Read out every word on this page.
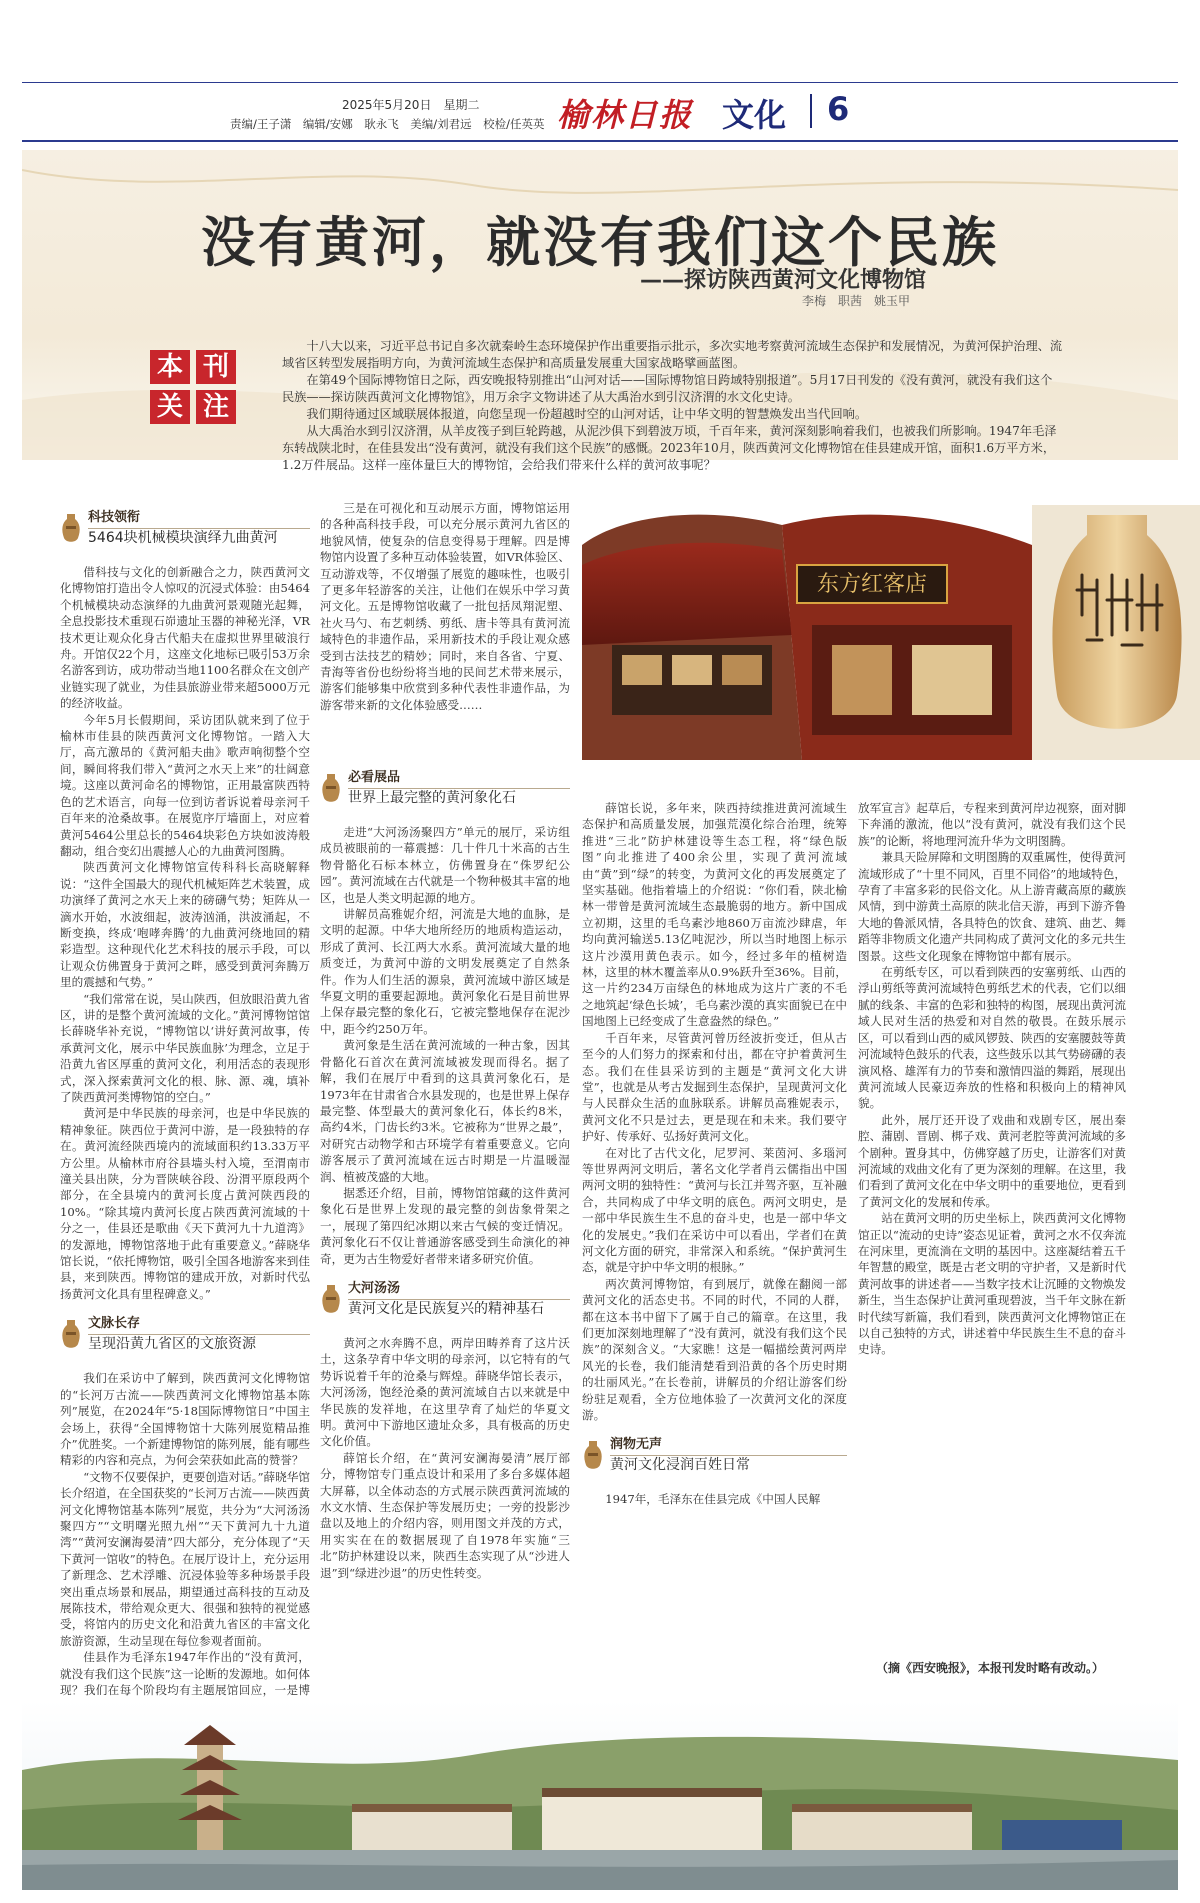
2025年5月20日　星期二
责编/王子潇　编辑/安娜　耿永飞　美编/刘君远　校检/任英英 榆林日报 文化 6
没有黄河，就没有我们这个民族
——探访陕西黄河文化博物馆
李梅　职茜　姚玉甲
本 刊
关 注

十八大以来，习近平总书记自多次就秦岭生态环境保护作出重要指示批示，多次实地考察黄河流域生态保护和发展情况，为黄河保护治理、流域省区转型发展指明方向，为黄河流域生态保护和高质量发展重大国家战略擘画蓝图。

在第49个国际博物馆日之际，西安晚报特别推出“山河对话——国际博物馆日跨域特别报道”。5月17日刊发的《没有黄河，就没有我们这个民族——探访陕西黄河文化博物馆》，用万余字文物讲述了从大禹治水到引汉济渭的水文化史诗。

我们期待通过区域联展体报道，向您呈现一份超越时空的山河对话，让中华文明的智慧焕发出当代回响。

从大禹治水到引汉济渭，从羊皮筏子到巨轮跨越，从泥沙俱下到碧波万顷，千百年来，黄河深刻影响着我们，也被我们所影响。1947年毛泽东转战陕北时，在佳县发出“没有黄河，就没有我们这个民族”的感慨。2023年10月，陕西黄河文化博物馆在佳县建成开馆，面积1.6万平方米，1.2万件展品。这样一座体量巨大的博物馆，会给我们带来什么样的黄河故事呢？

科技领衔
5464块机械模块演绎九曲黄河

借科技与文化的创新融合之力，陕西黄河文化博物馆打造出令人惊叹的沉浸式体验：由5464个机械模块动态演绎的九曲黄河景观随光起舞，全息投影技术重现石峁遗址玉器的神秘光泽，VR技术更让观众化身古代船夫在虚拟世界里破浪行舟。开馆仅22个月，这座文化地标已吸引53万余名游客到访，成功带动当地1100名群众在文创产业链实现了就业，为佳县旅游业带来超5000万元的经济收益。

今年5月长假期间，采访团队就来到了位于榆林市佳县的陕西黄河文化博物馆。一踏入大厅，高亢激昂的《黄河船夫曲》歌声响彻整个空间，瞬间将我们带入“黄河之水天上来”的壮阔意境。这座以黄河命名的博物馆，正用最富陕西特色的艺术语言，向每一位到访者诉说着母亲河千百年来的沧桑故事。在展览序厅墙面上，对应着黄河5464公里总长的5464块彩色方块如波涛般翻动，组合变幻出震撼人心的九曲黄河图腾。

陕西黄河文化博物馆宣传科科长高晓解释说：“这件全国最大的现代机械矩阵艺术装置，成功演绎了黄河之水天上来的磅礴气势；矩阵从一滴水开始，水波细起，波涛汹涌，洪波涌起，不断变换，终成‘咆哮奔腾’的九曲黄河绕地回的精彩造型。这种现代化艺术科技的展示手段，可以让观众仿佛置身于黄河之畔，感受到黄河奔腾万里的震撼和气势。”

“我们常常在说，吴山陕西，但放眼沿黄九省区，讲的是整个黄河流域的文化。”黄河博物馆馆长薛晓华补充说，“博物馆以‘讲好黄河故事，传承黄河文化，展示中华民族血脉’为理念，立足于沿黄九省区厚重的黄河文化，利用活态的表现形式，深入探索黄河文化的根、脉、源、魂，填补了陕西黄河类博物馆的空白。”

黄河是中华民族的母亲河，也是中华民族的精神象征。陕西位于黄河中游，是一段独特的存在。黄河流经陕西境内的流域面积约13.33万平方公里。从榆林市府谷县墙头村入境，至渭南市潼关县出陕，分为晋陕峡谷段、汾渭平原段两个部分，在全县境内的黄河长度占黄河陕西段的10%。“除其境内黄河长度占陕西黄河流域的十分之一，佳县还是歌曲《天下黄河九十九道湾》的发源地，博物馆落地于此有重要意义。”薛晓华馆长说，“依托博物馆，吸引全国各地游客来到佳县，来到陕西。博物馆的建成开放，对新时代弘扬黄河文化具有里程碑意义。”

文脉长存
呈现沿黄九省区的文旅资源

我们在采访中了解到，陕西黄河文化博物馆的“长河万古流——陕西黄河文化博物馆基本陈列”展览，在2024年“5·18国际博物馆日”中国主会场上，获得“全国博物馆十大陈列展览精品推介”优胜奖。一个新建博物馆的陈列展，能有哪些精彩的内容和亮点，为何会荣获如此高的赞誉？

“文物不仅要保护，更要创造对话。”薛晓华馆长介绍道，在全国获奖的“长河万古流——陕西黄河文化博物馆基本陈列”展览，共分为“大河汤汤聚四方”“文明曙光照九州”“天下黄河九十九道湾”“黄河安澜海晏清”四大部分，充分体现了“天下黄河一馆收”的特色。在展厅设计上，充分运用了新理念、艺术浮雕、沉浸体验等多种场景手段突出重点场景和展品，期望通过高科技的互动及展陈技术，带给观众更大、很强和独特的视觉感受，将馆内的历史文化和沿黄九省区的丰富文化旅游资源，生动呈现在每位参观者面前。

佳县作为毛泽东1947年作出的“没有黄河，就没有我们这个民族”这一论断的发源地。如何体现？我们在每个阶段均有主题展馆回应，一是博

三是在可视化和互动展示方面，博物馆运用的各种高科技手段，可以充分展示黄河九省区的地貌风情，使复杂的信息变得易于理解。四是博物馆内设置了多种互动体验装置，如VR体验区、互动游戏等，不仅增强了展览的趣味性，也吸引了更多年轻游客的关注，让他们在娱乐中学习黄河文化。五是博物馆收藏了一批包括凤翔泥塑、社火马勺、布艺刺绣、剪纸、唐卡等具有黄河流域特色的非遗作品，采用新技术的手段让观众感受到古法技艺的精妙；同时，来自各省、宁夏、青海等省份也纷纷将当地的民间艺术带来展示，游客们能够集中欣赏到多种代表性非遗作品，为游客带来新的文化体验感受……

必看展品
世界上最完整的黄河象化石

走进“大河汤汤聚四方”单元的展厅，采访组成员被眼前的一幕震撼：几十件几十米高的古生物骨骼化石标本林立，仿佛置身在“侏罗纪公园”。黄河流域在古代就是一个物种极其丰富的地区，也是人类文明起源的地方。

讲解员高雅妮介绍，河流是大地的血脉，是文明的起源。中华大地所经历的地质构造运动，形成了黄河、长江两大水系。黄河流域大量的地质变迁，为黄河中游的文明发展奠定了自然条件。作为人们生活的源泉，黄河流域中游区域是华夏文明的重要起源地。黄河象化石是目前世界上保存最完整的象化石，它被完整地保存在泥沙中，距今约250万年。

黄河象是生活在黄河流域的一种古象，因其骨骼化石首次在黄河流域被发现而得名。据了解，我们在展厅中看到的这具黄河象化石，是1973年在甘肃省合水县发现的，也是世界上保存最完整、体型最大的黄河象化石，体长约8米，高约4米，门齿长约3米。它被称为“世界之最”，对研究古动物学和古环境学有着重要意义。它向游客展示了黄河流域在远古时期是一片温暖湿润、植被茂盛的大地。

据悉还介绍，目前，博物馆馆藏的这件黄河象化石是世界上发现的最完整的剑齿象骨架之一，展现了第四纪冰期以来古气候的变迁情况。黄河象化石不仅让普通游客感受到生命演化的神奇，更为古生物爱好者带来诸多研究价值。

大河汤汤
黄河文化是民族复兴的精神基石

黄河之水奔腾不息，两岸田畴养育了这片沃土，这条孕育中华文明的母亲河，以它特有的气势诉说着千年的沧桑与辉煌。薛晓华馆长表示，大河汤汤，饱经沧桑的黄河流域自古以来就是中华民族的发祥地，在这里孕育了灿烂的华夏文明。黄河中下游地区遗址众多，具有极高的历史文化价值。

薛馆长介绍，在“黄河安澜海晏清”展厅部分，博物馆专门重点设计和采用了多台多媒体超大屏幕，以全体动态的方式展示陕西黄河流域的水文水情、生态保护等发展历史；一旁的投影沙盘以及地上的介绍内容，则用图文并茂的方式，用实实在在的数据展现了自1978年实施“三北”防护林建设以来，陕西生态实现了从“沙进人退”到“绿进沙退”的历史性转变。

东方红客店

薛馆长说，多年来，陕西持续推进黄河流域生态保护和高质量发展，加强荒漠化综合治理，统筹推进“三北”防护林建设等生态工程，将“绿色版图”向北推进了400余公里，实现了黄河流域由“黄”到“绿”的转变，为黄河文化的再发展奠定了坚实基础。他指着墙上的介绍说：“你们看，陕北榆林一带曾是黄河流域生态最脆弱的地方。新中国成立初期，这里的毛乌素沙地860万亩流沙肆虐，年均向黄河输送5.13亿吨泥沙，所以当时地图上标示这片沙漠用黄色表示。如今，经过多年的植树造林，这里的林木覆盖率从0.9%跃升至36%。目前，这一片约234万亩绿色的林地成为这片广袤的不毛之地筑起‘绿色长城’，毛乌素沙漠的真实面貌已在中国地图上已经变成了生意盎然的绿色。”

千百年来，尽管黄河曾历经波折变迁，但从古至今的人们努力的探索和付出，都在守护着黄河生态。我们在佳县采访到的主题是“黄河文化大讲堂”，也就是从考古发掘到生态保护，呈现黄河文化与人民群众生活的血脉联系。讲解员高雅妮表示，黄河文化不只是过去，更是现在和未来。我们要守护好、传承好、弘扬好黄河文化。

在对比了古代文化，尼罗河、莱茵河、多瑙河等世界两河文明后，著名文化学者肖云儒指出中国两河文明的独特性：“黄河与长江并驾齐驱，互补融合，共同构成了中华文明的底色。两河文明史，是一部中华民族生生不息的奋斗史，也是一部中华文化的发展史。”我们在采访中可以看出，学者们在黄河文化方面的研究，非常深入和系统。“保护黄河生态，就是守护中华文明的根脉。”

两次黄河博物馆，有到展厅，就像在翻阅一部黄河文化的活态史书。不同的时代，不同的人群，都在这本书中留下了属于自己的篇章。在这里，我们更加深刻地理解了“没有黄河，就没有我们这个民族”的深刻含义。“大家瞧！这是一幅描绘黄河两岸风光的长卷，我们能清楚看到沿黄的各个历史时期的壮丽风光。”在长卷前，讲解员的介绍让游客们纷纷驻足观看，全方位地体验了一次黄河文化的深度游。

润物无声
黄河文化浸润百姓日常

1947年，毛泽东在佳县完成《中国人民解

放军宣言》起草后，专程来到黄河岸边视察，面对脚下奔涌的激流，他以“没有黄河，就没有我们这个民族”的论断，将地理河流升华为文明图腾。

兼具天险屏障和文明图腾的双重属性，使得黄河流域形成了“十里不同风，百里不同俗”的地域特色，孕育了丰富多彩的民俗文化。从上游青藏高原的藏族风情，到中游黄土高原的陕北信天游，再到下游齐鲁大地的鲁派风情，各具特色的饮食、建筑、曲艺、舞蹈等非物质文化遗产共同构成了黄河文化的多元共生图景。这些文化现象在博物馆中都有展示。

在剪纸专区，可以看到陕西的安塞剪纸、山西的浮山剪纸等黄河流域特色剪纸艺术的代表，它们以细腻的线条、丰富的色彩和独特的构图，展现出黄河流域人民对生活的热爱和对自然的敬畏。在鼓乐展示区，可以看到山西的威风锣鼓、陕西的安塞腰鼓等黄河流域特色鼓乐的代表，这些鼓乐以其气势磅礴的表演风格、雄浑有力的节奏和激情四溢的舞蹈，展现出黄河流域人民豪迈奔放的性格和积极向上的精神风貌。

此外，展厅还开设了戏曲和戏剧专区，展出秦腔、蒲剧、晋剧、梆子戏、黄河老腔等黄河流域的多个剧种。置身其中，仿佛穿越了历史，让游客们对黄河流域的戏曲文化有了更为深刻的理解。在这里，我们看到了黄河文化在中华文明中的重要地位，更看到了黄河文化的发展和传承。

站在黄河文明的历史坐标上，陕西黄河文化博物馆正以“流动的史诗”姿态见证着，黄河之水不仅奔流在河床里，更流淌在文明的基因中。这座凝结着五千年智慧的殿堂，既是古老文明的守护者，又是新时代黄河故事的讲述者——当数字技术让沉睡的文物焕发新生，当生态保护让黄河重现碧波，当千年文脉在新时代续写新篇，我们看到，陕西黄河文化博物馆正在以自己独特的方式，讲述着中华民族生生不息的奋斗史诗。

（摘《西安晚报》，本报刊发时略有改动。）
